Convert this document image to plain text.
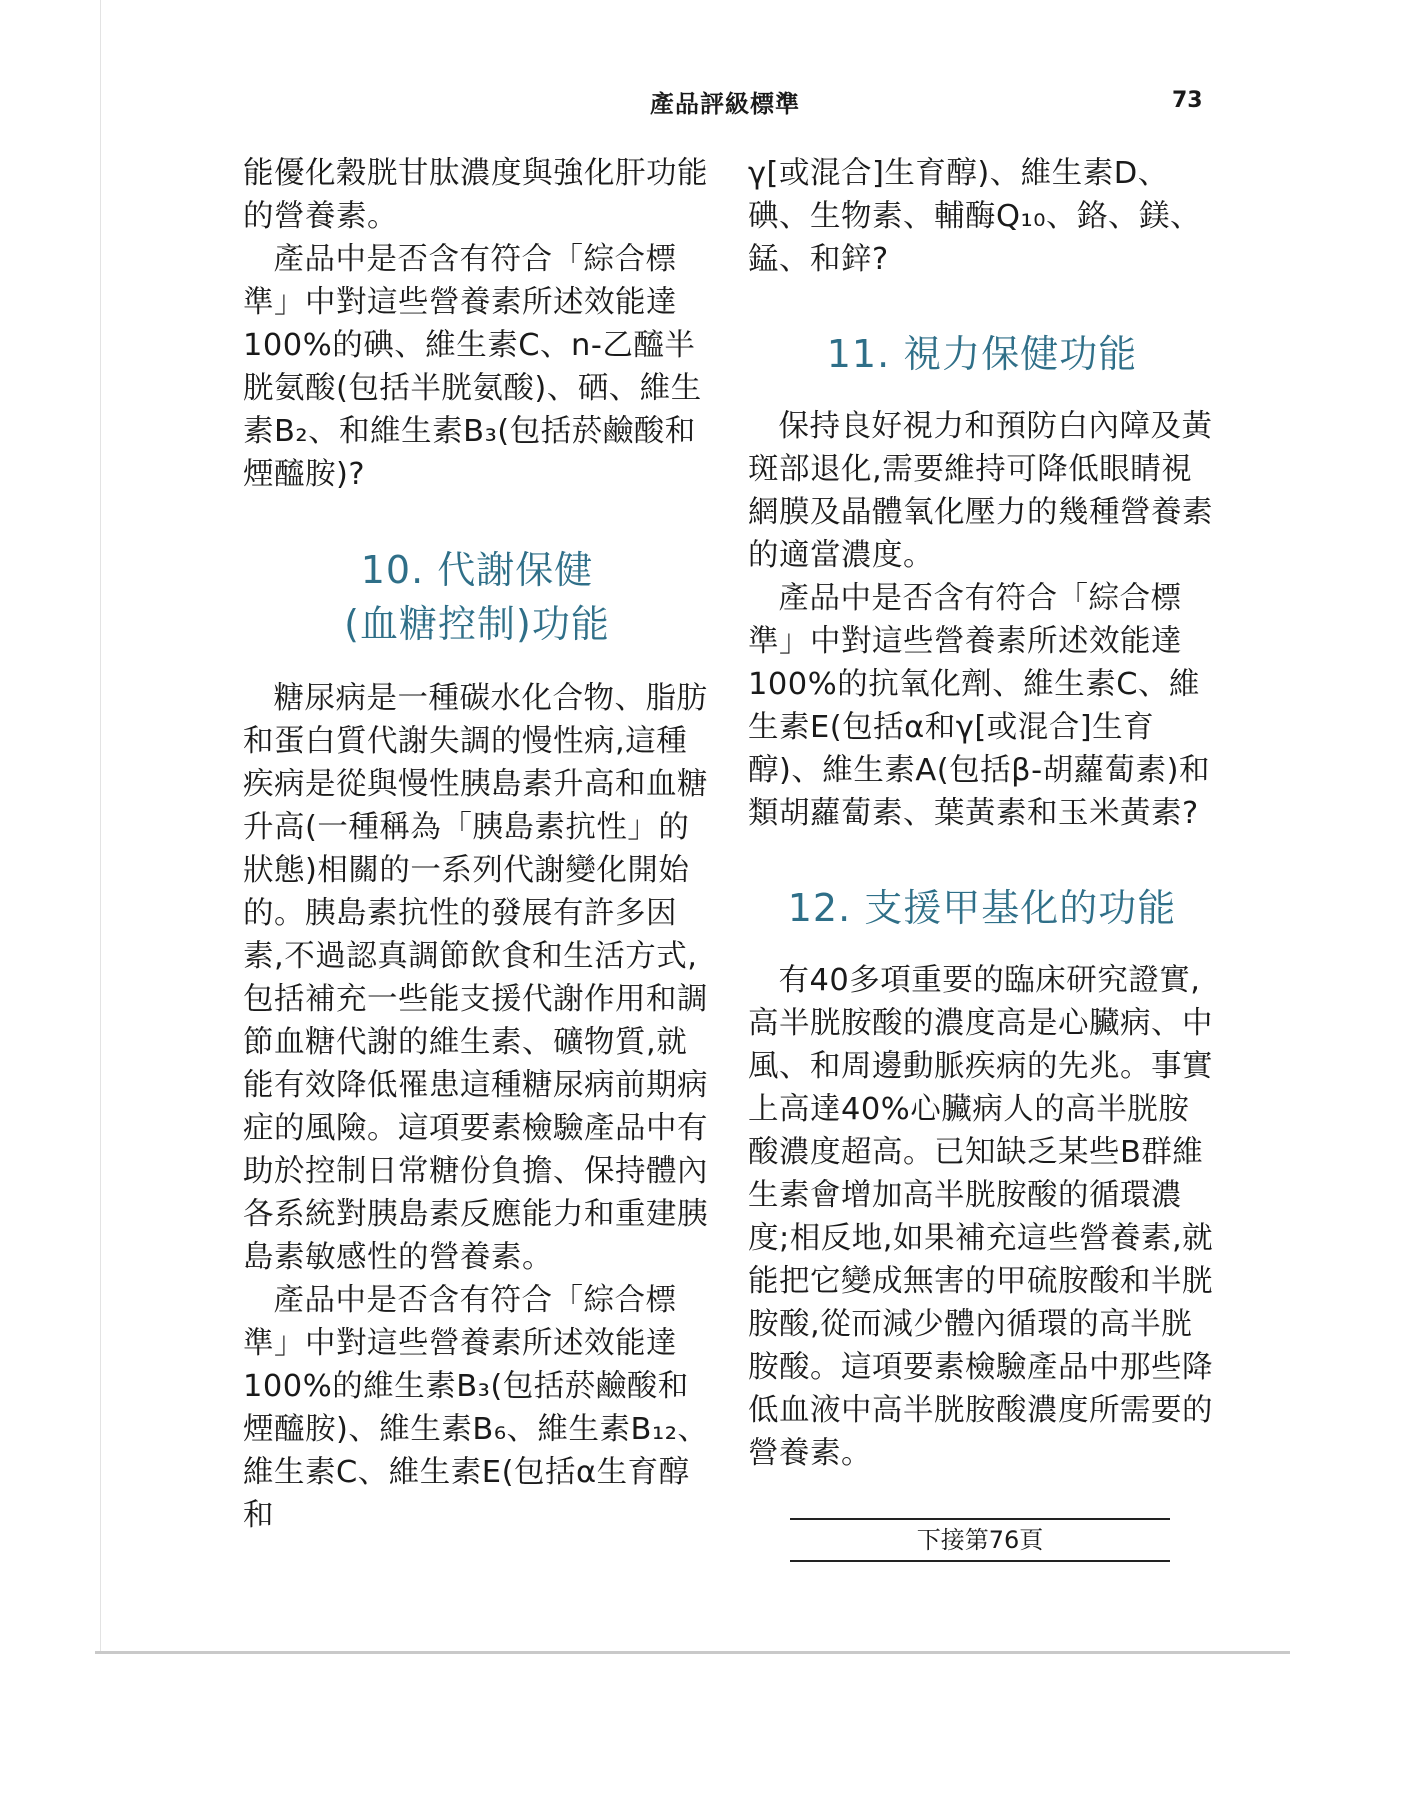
產品評級標準	73

能優化穀胱甘肽濃度與強化肝功能的營養素。

產品中是否含有符合「綜合標準」中對這些營養素所述效能達100%的碘、維生素C、n-乙醯半胱氨酸(包括半胱氨酸)、硒、維生素B₂、和維生素B₃(包括菸鹼酸和煙醯胺)?

10. 代謝保健
(血糖控制)功能

糖尿病是一種碳水化合物、脂肪和蛋白質代謝失調的慢性病,這種疾病是從與慢性胰島素升高和血糖升高(一種稱為「胰島素抗性」的狀態)相關的一系列代謝變化開始的。胰島素抗性的發展有許多因素,不過認真調節飲食和生活方式,包括補充一些能支援代謝作用和調節血糖代謝的維生素、礦物質,就能有效降低罹患這種糖尿病前期病症的風險。這項要素檢驗產品中有助於控制日常糖份負擔、保持體內各系統對胰島素反應能力和重建胰島素敏感性的營養素。

產品中是否含有符合「綜合標準」中對這些營養素所述效能達100%的維生素B₃(包括菸鹼酸和煙醯胺)、維生素B₆、維生素B₁₂、維生素C、維生素E(包括α生育醇和

γ[或混合]生育醇)、維生素D、碘、生物素、輔酶Q₁₀、鉻、鎂、錳、和鋅?

11. 視力保健功能

保持良好視力和預防白內障及黃斑部退化,需要維持可降低眼睛視網膜及晶體氧化壓力的幾種營養素的適當濃度。

產品中是否含有符合「綜合標準」中對這些營養素所述效能達100%的抗氧化劑、維生素C、維生素E(包括α和γ[或混合]生育醇)、維生素A(包括β-胡蘿蔔素)和類胡蘿蔔素、葉黃素和玉米黃素?

12. 支援甲基化的功能

有40多項重要的臨床研究證實,高半胱胺酸的濃度高是心臟病、中風、和周邊動脈疾病的先兆。事實上高達40%心臟病人的高半胱胺酸濃度超高。已知缺乏某些B群維生素會增加高半胱胺酸的循環濃度;相反地,如果補充這些營養素,就能把它變成無害的甲硫胺酸和半胱胺酸,從而減少體內循環的高半胱胺酸。這項要素檢驗產品中那些降低血液中高半胱胺酸濃度所需要的營養素。

下接第76頁
